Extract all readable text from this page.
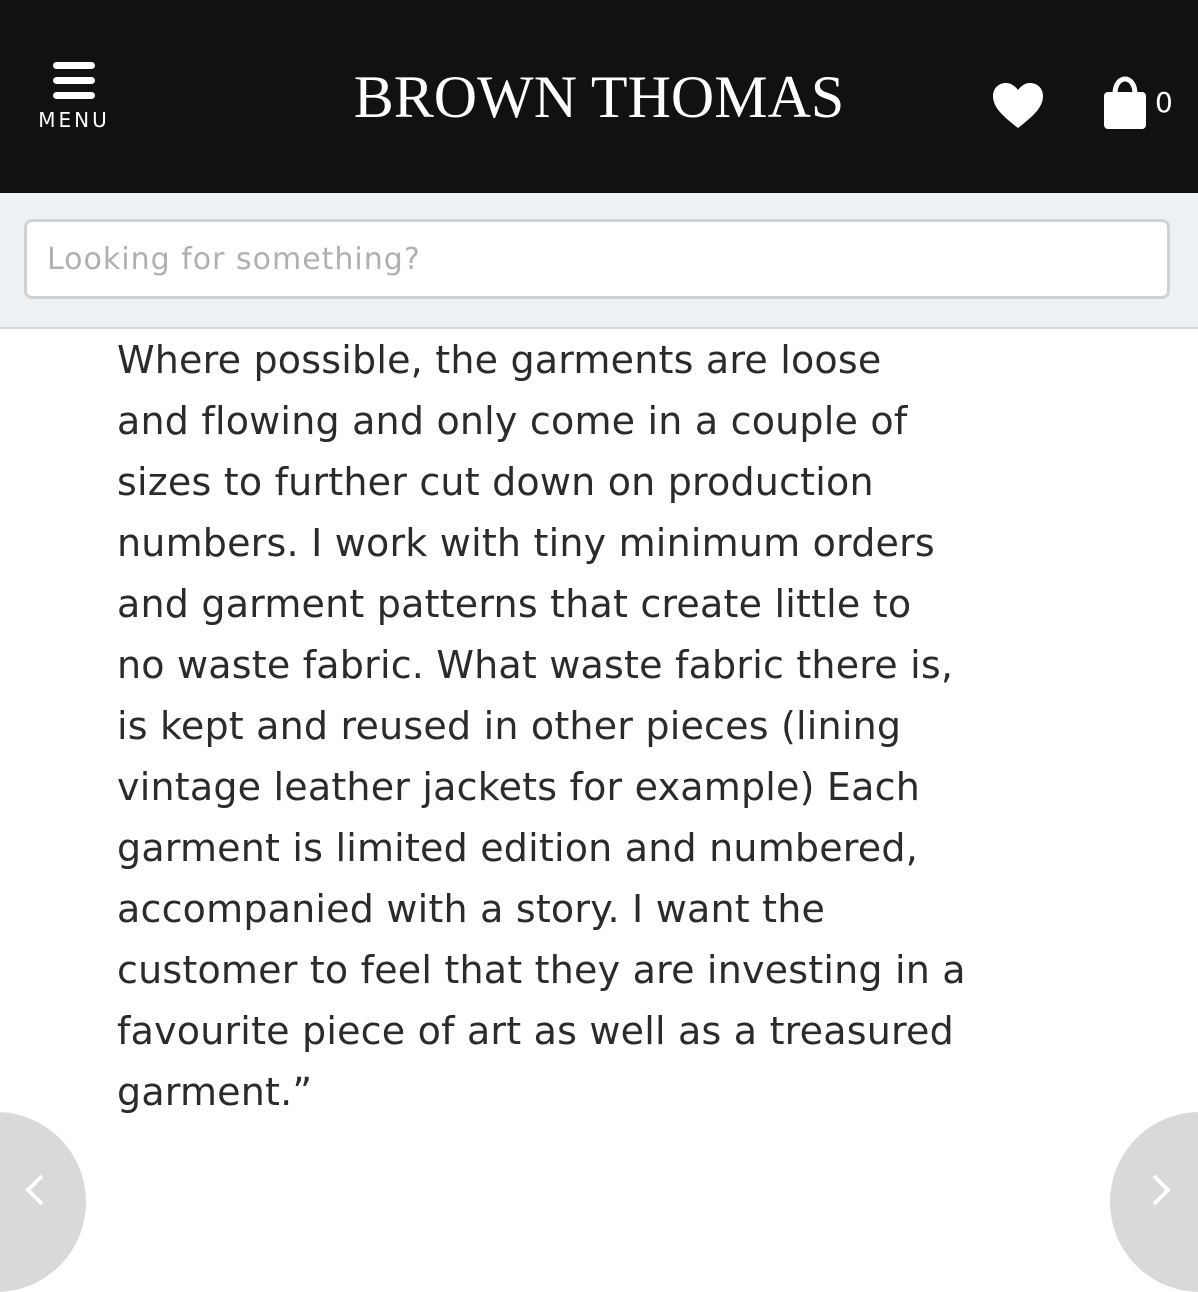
MENU	BROWN THOMAS	0
Looking for something?
Where possible, the garments are loose
and flowing and only come in a couple of
sizes to further cut down on production
numbers. I work with tiny minimum orders
and garment patterns that create little to
no waste fabric. What waste fabric there is,
is kept and reused in other pieces (lining
vintage leather jackets for example) Each
garment is limited edition and numbered,
accompanied with a story. I want the
customer to feel that they are investing in a
favourite piece of art as well as a treasured
garment.”
